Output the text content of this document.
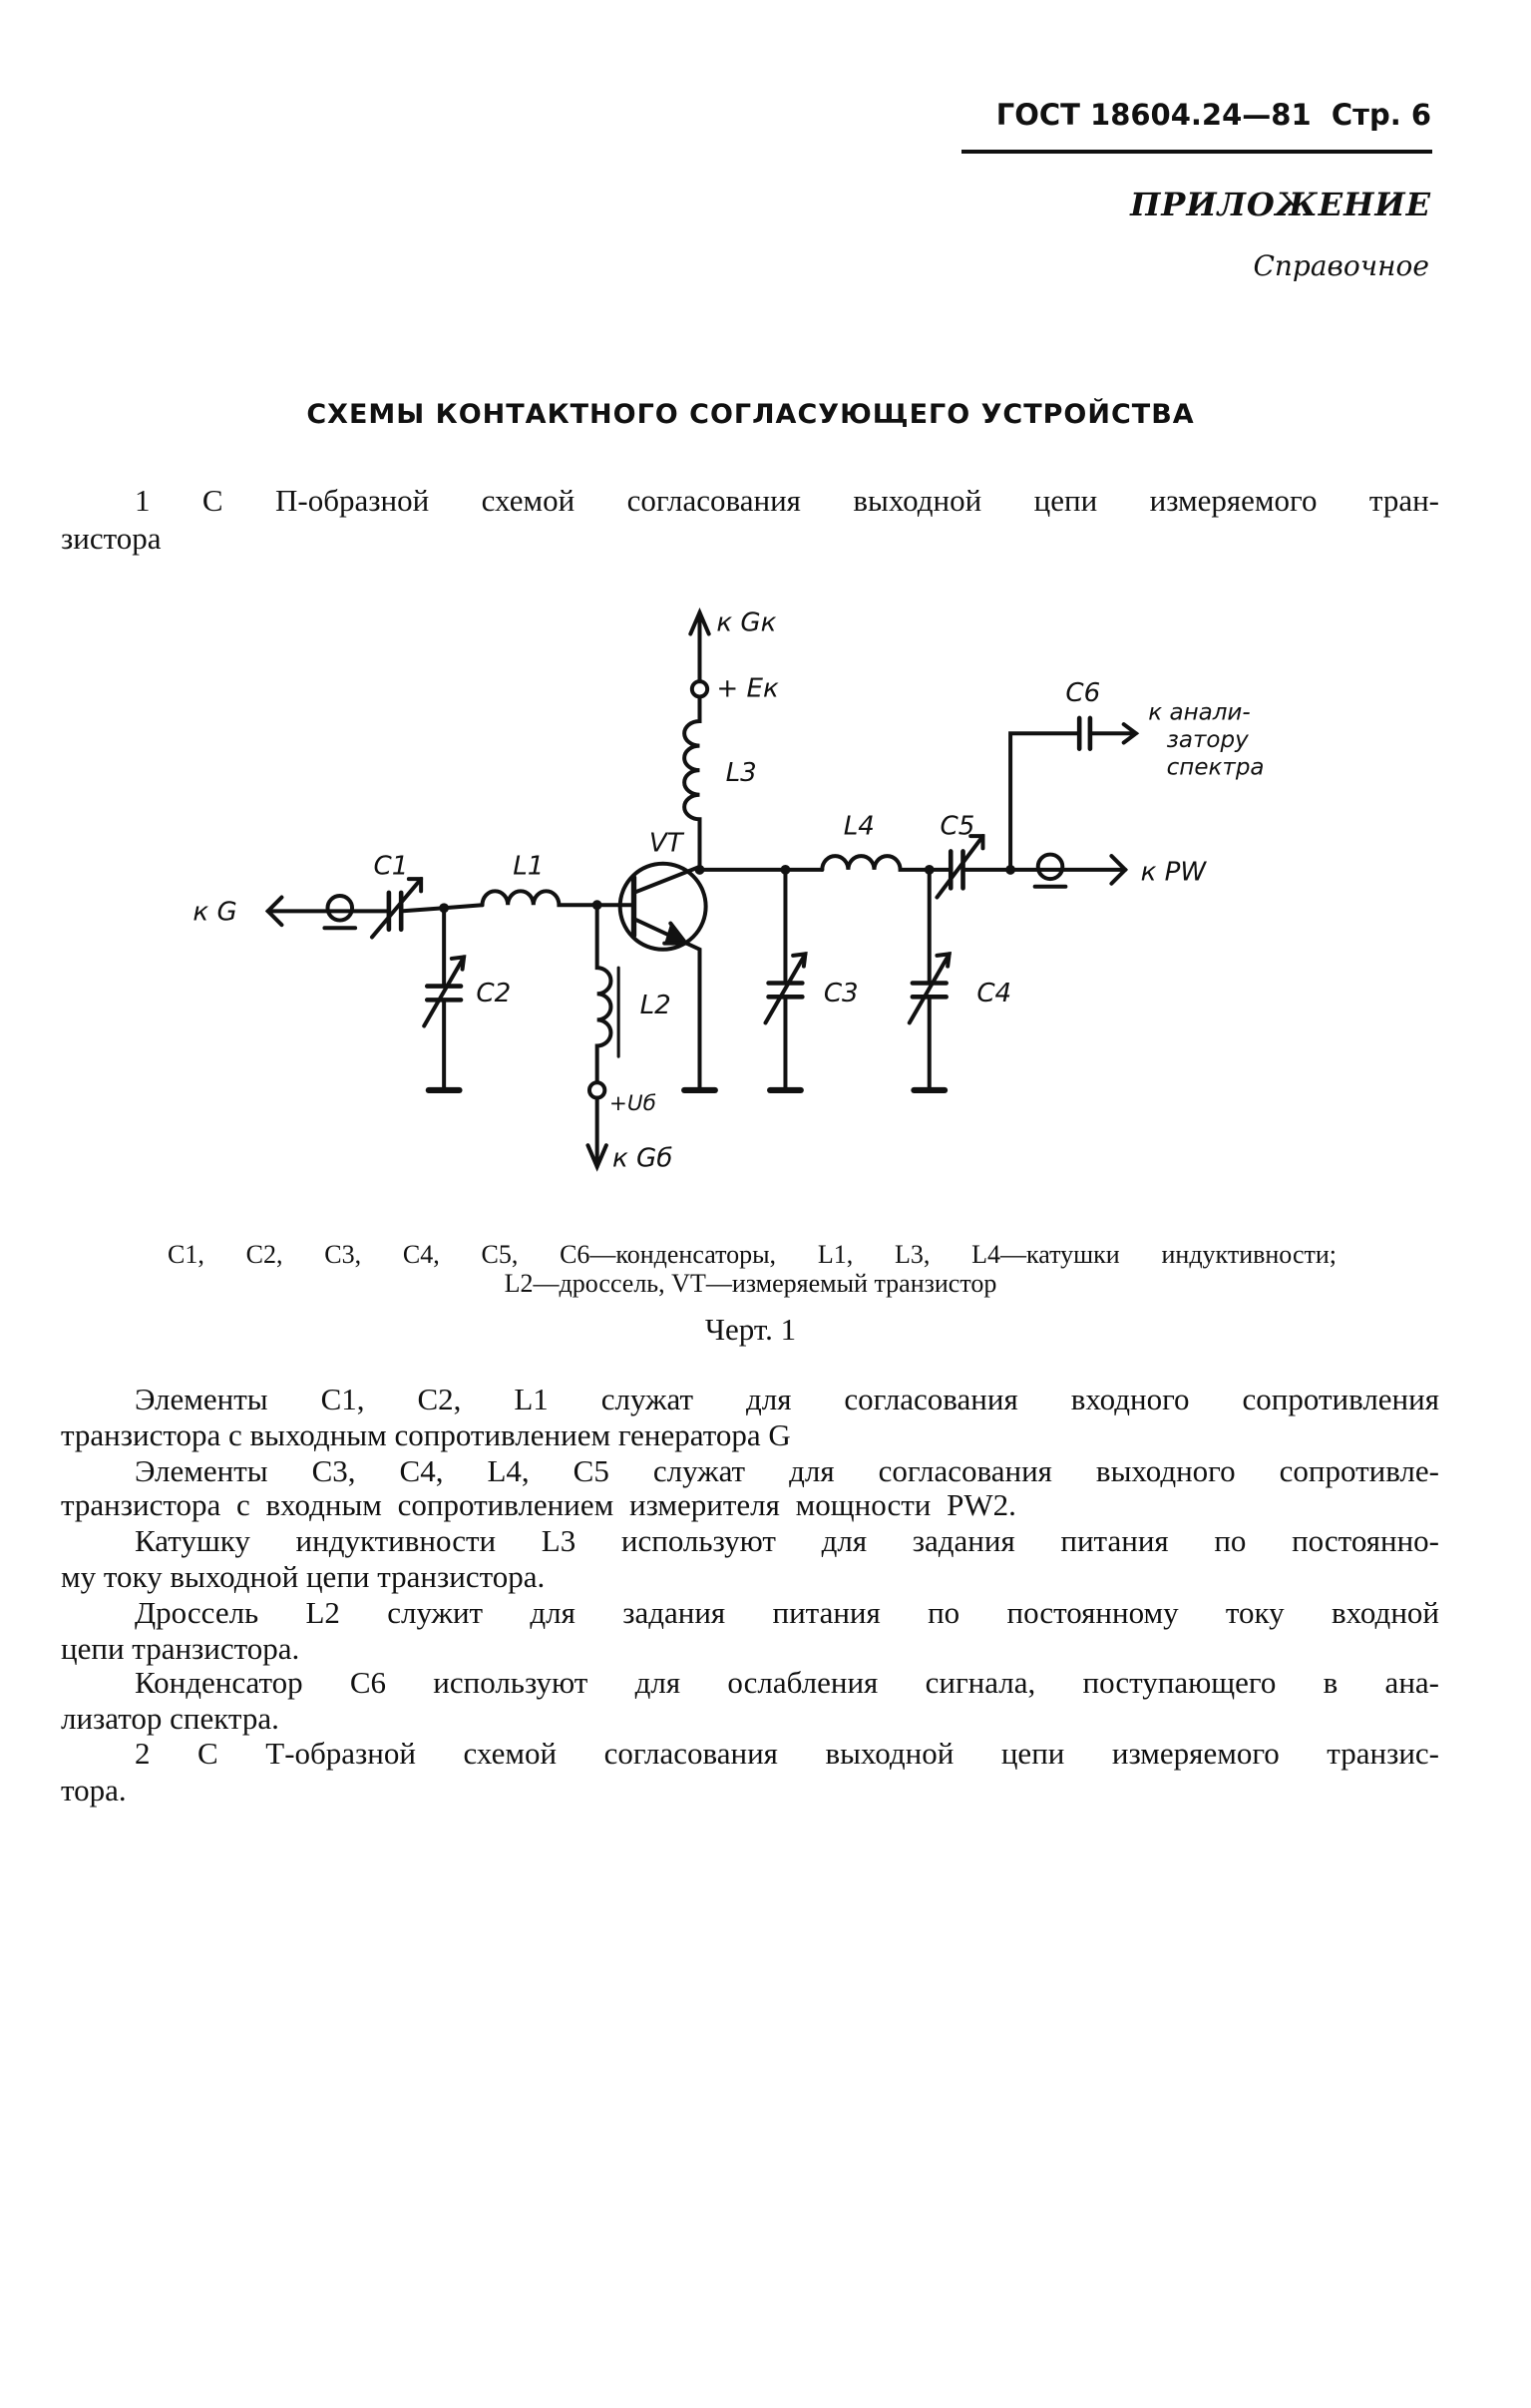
ГОСТ 18604.24—81 Стр. 6
ПРИЛОЖЕНИЕ
Справочное
СХЕМЫ КОНТАКТНОГО СОГЛАСУЮЩЕГО УСТРОЙСТВА
1 С П-образной схемой согласования выходной цепи измеряемого тран-
зистора
к G
C1
C2
L1
L2
VT
к Gк
+ Eк
L3
L4
C3	C4
C5
C6
к PW
к анали-
затору
спектра
+Uб
к Gб
C1, C2, C3, C4, C5, C6—конденсаторы, L1, L3, L4—катушки индуктивности;
L2—дроссель, VT—измеряемый транзистор
Черт. 1
Элементы C1, C2, L1 служат для согласования входного сопротивления
транзистора с выходным сопротивлением генератора G
Элементы C3, C4, L4, C5 служат для согласования выходного сопротивле-
транзистора с входным сопротивлением измерителя мощности PW2.
Катушку индуктивности L3 используют для задания питания по постоянно-
му току выходной цепи транзистора.
Дроссель L2 служит для задания питания по постоянному току входной
цепи транзистора.
Конденсатор C6 используют для ослабления сигнала, поступающего в ана-
лизатор спектра.
2 С Т-образной схемой согласования выходной цепи измеряемого транзис-
тора.
